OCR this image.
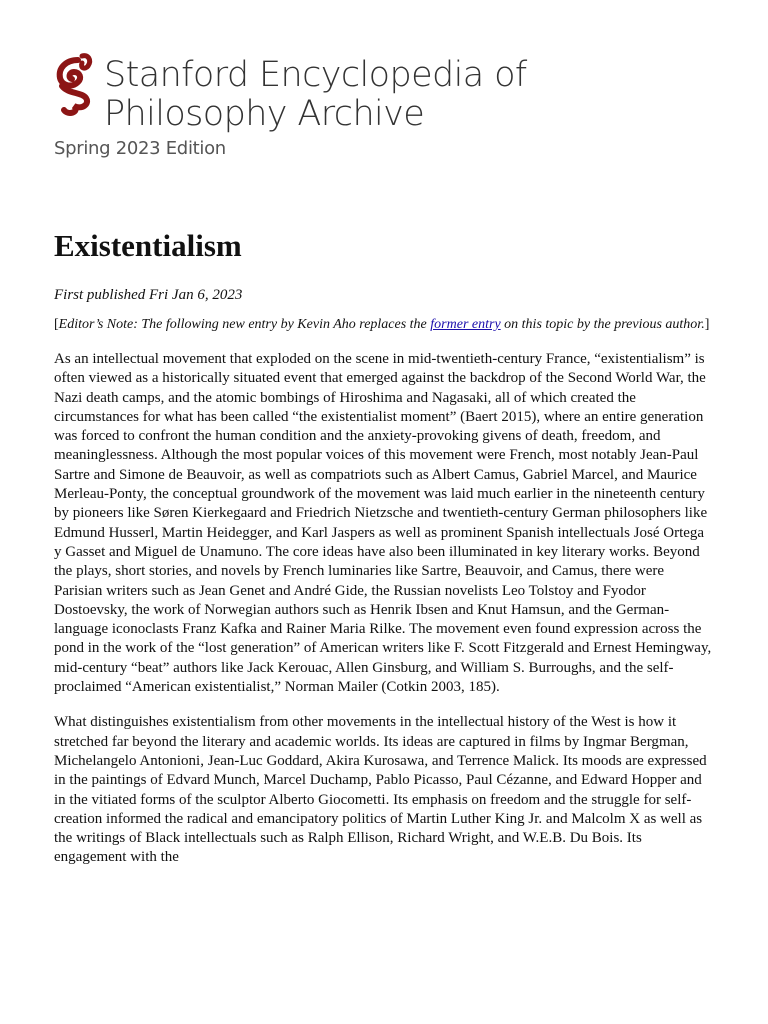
Stanford Encyclopedia of
Philosophy Archive
Spring 2023 Edition
Existentialism

First published Fri Jan 6, 2023

[Editor’s Note: The following new entry by Kevin Aho replaces the former entry on this topic by the previous author.]

As an intellectual movement that exploded on the scene in mid-twentieth-century France, “existentialism” is often viewed as a historically situated event that emerged against the backdrop of the Second World War, the Nazi death camps, and the atomic bombings of Hiroshima and Nagasaki, all of which created the circumstances for what has been called “the existentialist moment” (Baert 2015), where an entire generation was forced to confront the human condition and the anxiety-provoking givens of death, freedom, and meaninglessness. Although the most popular voices of this movement were French, most notably Jean-Paul Sartre and Simone de Beauvoir, as well as compatriots such as Albert Camus, Gabriel Marcel, and Maurice Merleau-Ponty, the conceptual groundwork of the movement was laid much earlier in the nineteenth century by pioneers like Søren Kierkegaard and Friedrich Nietzsche and twentieth-century German philosophers like Edmund Husserl, Martin Heidegger, and Karl Jaspers as well as prominent Spanish intellectuals José Ortega y Gasset and Miguel de Unamuno. The core ideas have also been illuminated in key literary works. Beyond the plays, short stories, and novels by French luminaries like Sartre, Beauvoir, and Camus, there were Parisian writers such as Jean Genet and André Gide, the Russian novelists Leo Tolstoy and Fyodor Dostoevsky, the work of Norwegian authors such as Henrik Ibsen and Knut Hamsun, and the German-language iconoclasts Franz Kafka and Rainer Maria Rilke. The movement even found expression across the pond in the work of the “lost generation” of American writers like F. Scott Fitzgerald and Ernest Hemingway, mid-century “beat” authors like Jack Kerouac, Allen Ginsburg, and William S. Burroughs, and the self-proclaimed “American existentialist,” Norman Mailer (Cotkin 2003, 185).

What distinguishes existentialism from other movements in the intellectual history of the West is how it stretched far beyond the literary and academic worlds. Its ideas are captured in films by Ingmar Bergman, Michelangelo Antonioni, Jean-Luc Goddard, Akira Kurosawa, and Terrence Malick. Its moods are expressed in the paintings of Edvard Munch, Marcel Duchamp, Pablo Picasso, Paul Cézanne, and Edward Hopper and in the vitiated forms of the sculptor Alberto Giocometti. Its emphasis on freedom and the struggle for self-creation informed the radical and emancipatory politics of Martin Luther King Jr. and Malcolm X as well as the writings of Black intellectuals such as Ralph Ellison, Richard Wright, and W.E.B. Du Bois. Its engagement with the
